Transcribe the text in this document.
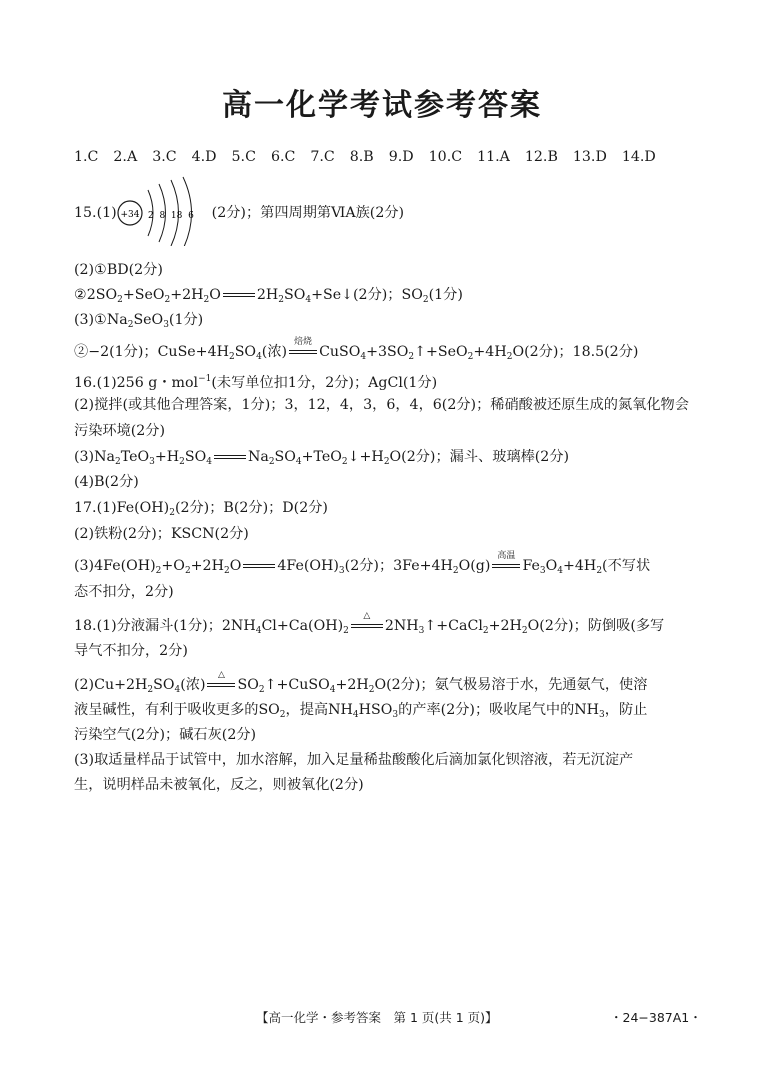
高一化学考试参考答案
1.C 2.A 3.C 4.D 5.C 6.C 7.C 8.B 9.D 10.C 11.A 12.B 13.D 14.D
+34 2  8  18  6
15.(1)	(2分)；第四周期第ⅥA族(2分)
(2)①BD(2分)
$②2SO_2+SeO_2+2H_2O$	$2H_2SO_4+Se↓(2$分)；$SO_2(1$分)
$(3)①Na_2SeO_3(1$分)
②−2(1分)；$CuSe+4H_2SO_4$(浓)
焙烧
$CuSO_4+3SO_2↑+SeO_2+4H_2O(2$分)；18.5(2分)
16.(1)256 g・mol$^{-1}$(未写单位扣1分，2分)；AgCl(1分)
(2)搅拌(或其他合理答案，1分)；3，12，4，3，6，4，6(2分)；稀硝酸被还原生成的氮氧化物会
污染环境(2分)
$(3)Na_2TeO_3+H_2SO_4$	$Na_2SO_4+TeO_2↓+H_2O(2$分)；漏斗、玻璃棒(2分)
(4)B(2分)
$17.(1)Fe(OH)_2(2$分)；B(2分)；D(2分)
(2)铁粉(2分)；KSCN(2分)
$(3)4Fe(OH)_2+O_2+2H_2O$	$4Fe(OH)_3(2$分)；$3Fe+4H_2O(g)$
高温
$Fe_3O_4+4H_2$(不写状
态不扣分，2分)
18.(1)分液漏斗(1分)；$2NH_4Cl+Ca(OH)_2$
△
$2NH_3↑+CaCl_2+2H_2O(2$分)；防倒吸(多写
导气不扣分，2分)
$(2)Cu+2H_2SO_4$(浓)
△
$SO_2↑+CuSO_4+2H_2O(2$分)；氨气极易溶于水，先通氨气，使溶
液呈碱性，有利于吸收更多的$SO_2$，提高$NH_4HSO_3$的产率(2分)；吸收尾气中的$NH_3$，防止
污染空气(2分)；碱石灰(2分)
(3)取适量样品于试管中，加水溶解，加入足量稀盐酸酸化后滴加氯化钡溶液，若无沉淀产
生，说明样品未被氧化，反之，则被氧化(2分)
【高一化学・参考答案　第 1 页(共 1 页)】	・24−387A1・
